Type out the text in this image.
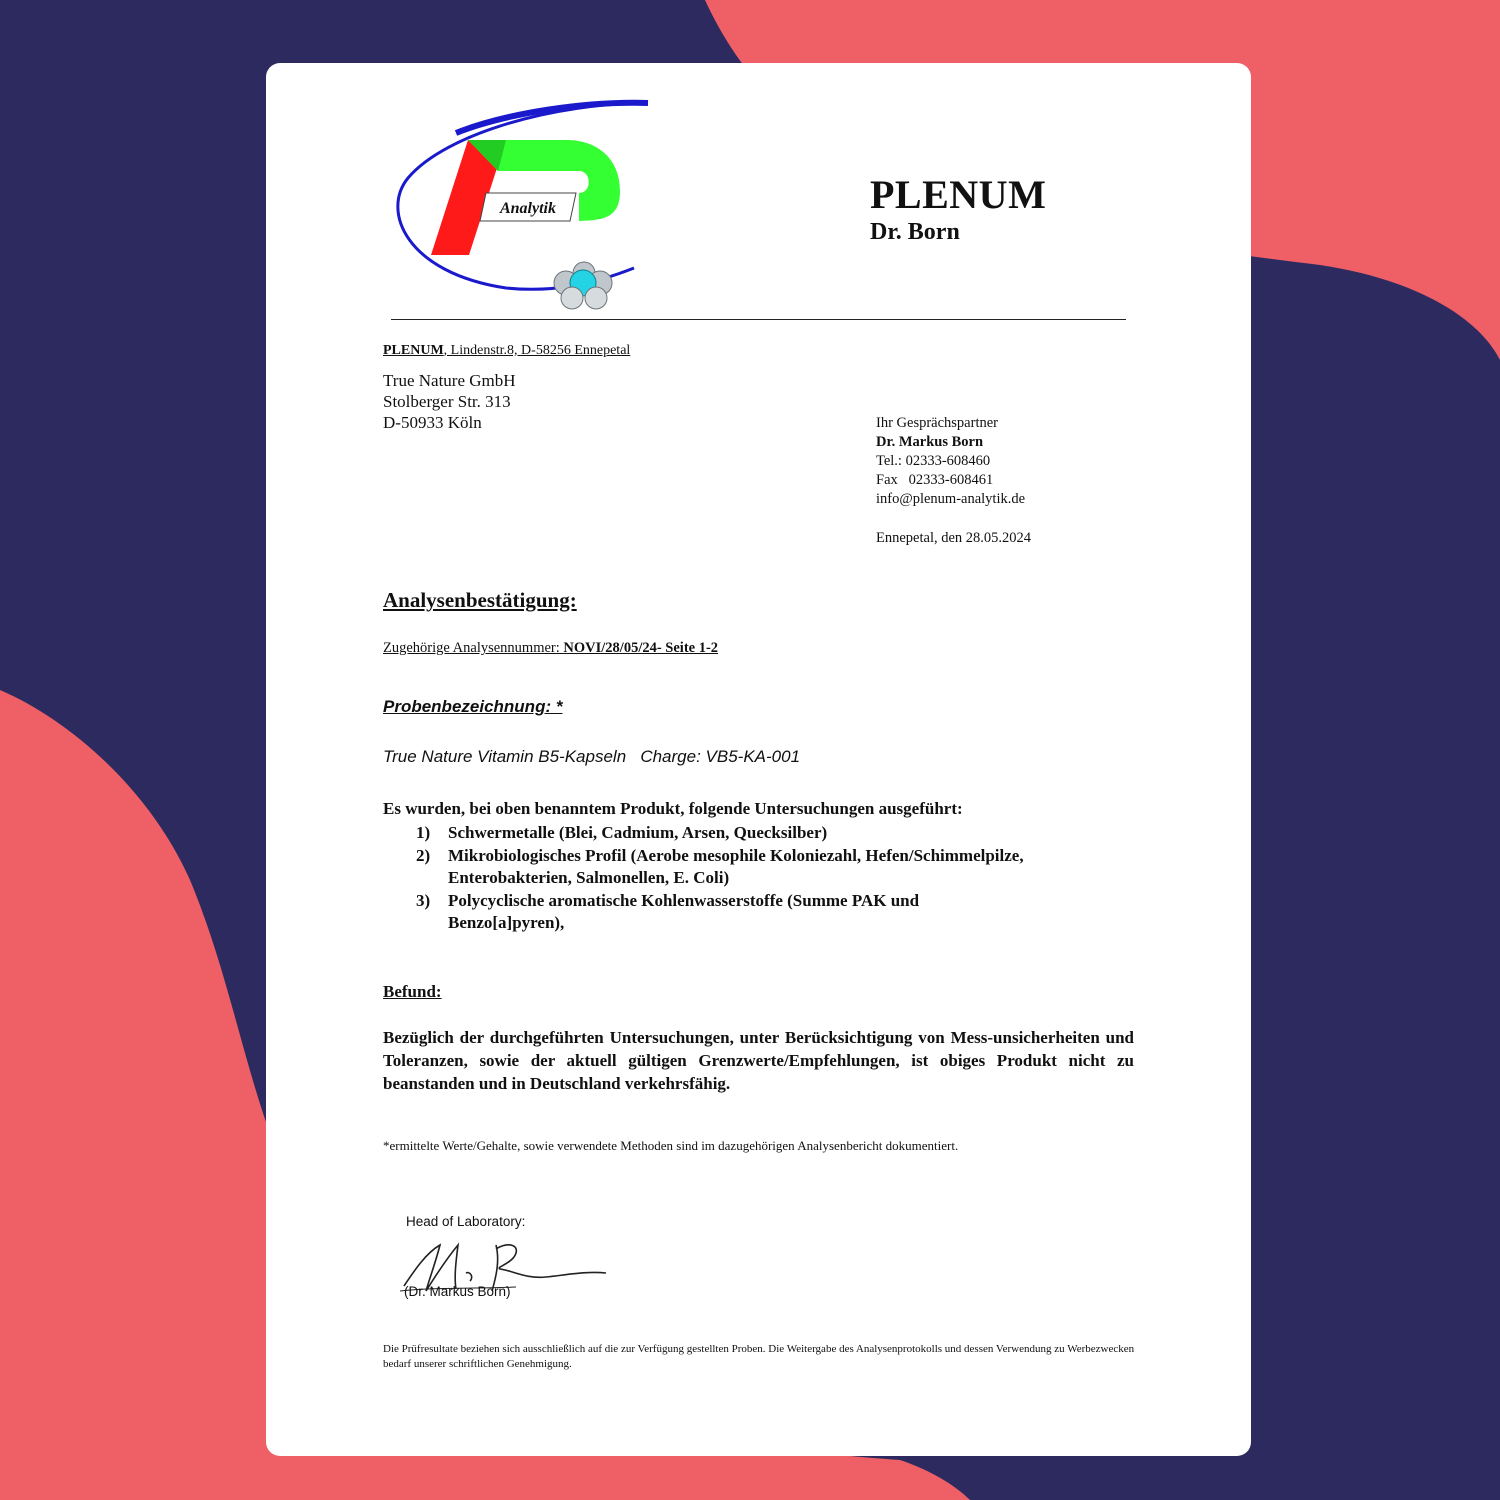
Analytik	PLENUM
Dr. Born
PLENUM, Lindenstr.8, D-58256 Ennepetal
True Nature GmbH
Stolberger Str. 313
D-50933 Köln	Ihr Gesprächspartner
Dr. Markus Born
Tel.: 02333-608460
Fax   02333-608461
info@plenum-analytik.de
Ennepetal, den 28.05.2024
Analysenbestätigung:
Zugehörige Analysennummer: NOVI/28/05/24- Seite 1-2
Probenbezeichnung: *
True Nature Vitamin B5-Kapseln   Charge: VB5-KA-001
Es wurden, bei oben benanntem Produkt, folgende Untersuchungen ausgeführt:
1) Schwermetalle (Blei, Cadmium, Arsen, Quecksilber)
2) Mikrobiologisches Profil (Aerobe mesophile Koloniezahl, Hefen/Schimmelpilze, Enterobakterien, Salmonellen, E. Coli)
3) Polycyclische aromatische Kohlenwasserstoffe (Summe PAK und Benzo[a]pyren),
Befund:
Bezüglich der durchgeführten Untersuchungen, unter Berücksichtigung von Mess-unsicherheiten und Toleranzen, sowie der aktuell gültigen Grenzwerte/Empfehlungen, ist obiges Produkt nicht zu beanstanden und in Deutschland verkehrsfähig.
*ermittelte Werte/Gehalte, sowie verwendete Methoden sind im dazugehörigen Analysenbericht dokumentiert.
Head of Laboratory:
(Dr. Markus Born)
Die Prüfresultate beziehen sich ausschließlich auf die zur Verfügung gestellten Proben. Die Weitergabe des Analysenprotokolls und dessen Verwendung zu Werbezwecken bedarf unserer schriftlichen Genehmigung.
